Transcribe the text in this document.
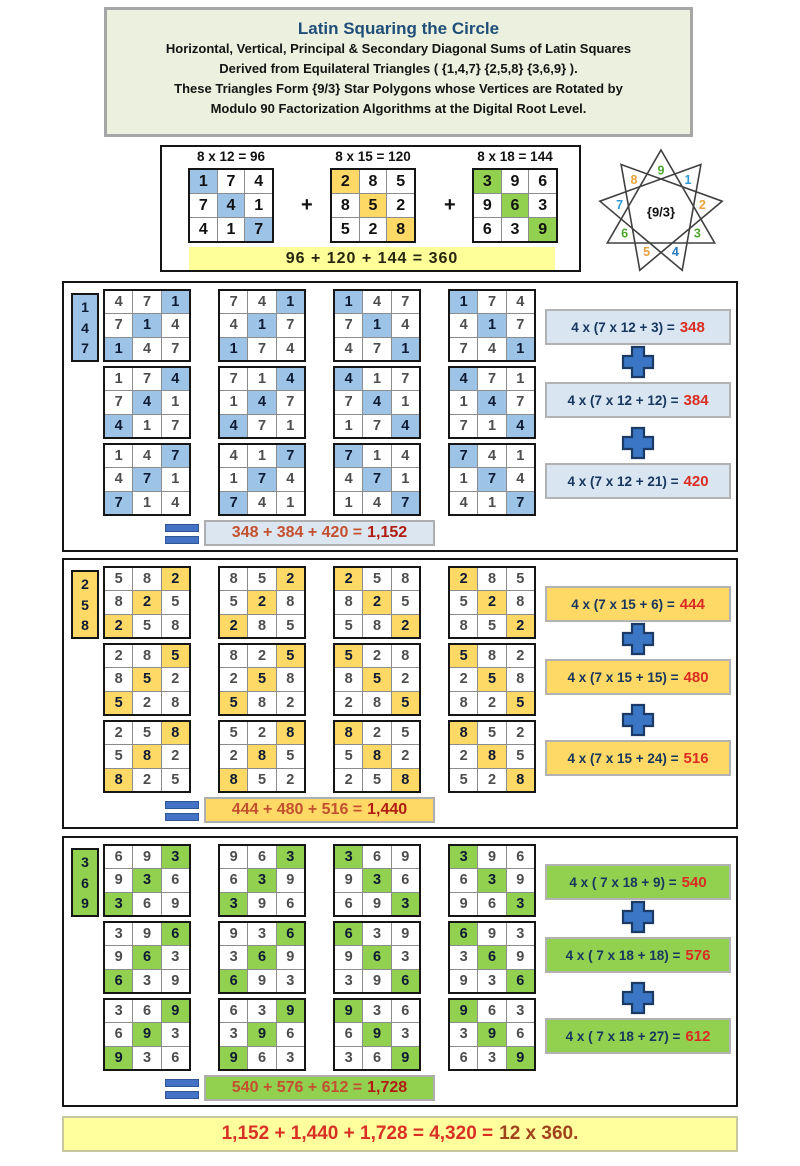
Latin Squaring the Circle
Horizontal, Vertical, Principal & Secondary Diagonal Sums of Latin Squares
Derived from Equilateral Triangles ( {1,4,7} {2,5,8} {3,6,9} ).
These Triangles Form {9/3} Star Polygons whose Vertices are Rotated by
Modulo 90 Factorization Algorithms at the Digital Root Level.
8 x 12 = 96	8 x 15 = 120	8 x 18 = 144
1	7	4
7	4	1
4	1	7
2	8	5
8	5	2
5	2	8
3	9	6
9	6	3
6	3	9
+	+
96 + 120 + 144 = 360
9
1
2
3
4
5
6
7
8
{9/3}
1
4
7
4	7	1
7	1	4
1	4	7
7	4	1
4	1	7
1	7	4
1	4	7
7	1	4
4	7	1
1	7	4
4	1	7
7	4	1
1	7	4
7	4	1
4	1	7
7	1	4
1	4	7
4	7	1
4	1	7
7	4	1
1	7	4
4	7	1
1	4	7
7	1	4
1	4	7
4	7	1
7	1	4
4	1	7
1	7	4
7	4	1
7	1	4
4	7	1
1	4	7
7	4	1
1	7	4
4	1	7
4 x (7 x 12 + 3) = 348
4 x (7 x 12 + 12) = 384
4 x (7 x 12 + 21) = 420
348 + 384 + 420 = 1,152
2
5
8
5	8	2
8	2	5
2	5	8
8	5	2
5	2	8
2	8	5
2	5	8
8	2	5
5	8	2
2	8	5
5	2	8
8	5	2
2	8	5
8	5	2
5	2	8
8	2	5
2	5	8
5	8	2
5	2	8
8	5	2
2	8	5
5	8	2
2	5	8
8	2	5
2	5	8
5	8	2
8	2	5
5	2	8
2	8	5
8	5	2
8	2	5
5	8	2
2	5	8
8	5	2
2	8	5
5	2	8
4 x (7 x 15 + 6) = 444
4 x (7 x 15 + 15) = 480
4 x (7 x 15 + 24) = 516
444 + 480 + 516 = 1,440
3
6
9
6	9	3
9	3	6
3	6	9
9	6	3
6	3	9
3	9	6
3	6	9
9	3	6
6	9	3
3	9	6
6	3	9
9	6	3
3	9	6
9	6	3
6	3	9
9	3	6
3	6	9
6	9	3
6	3	9
9	6	3
3	9	6
6	9	3
3	6	9
9	3	6
3	6	9
6	9	3
9	3	6
6	3	9
3	9	6
9	6	3
9	3	6
6	9	3
3	6	9
9	6	3
3	9	6
6	3	9
4 x ( 7 x 18 + 9) = 540
4 x ( 7 x 18 + 18) = 576
4 x ( 7 x 18 + 27) = 612
540 + 576 + 612 = 1,728
1,152 + 1,440 + 1,728 = 4,320 = 12 x 360.
